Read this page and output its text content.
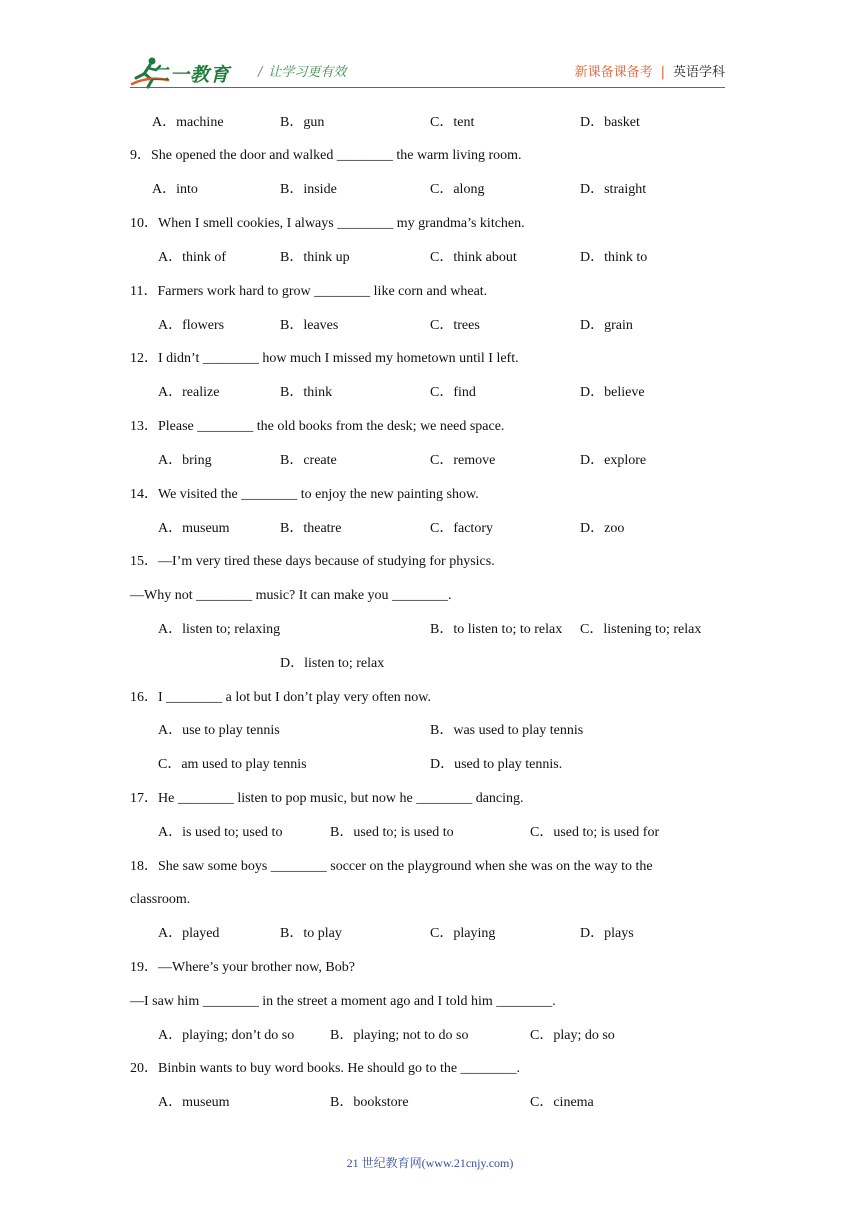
二一教育 / 让学习更有效	新课备课备考 | 英语学科
A．machine	B．gun	C．tent	D．basket
9．She opened the door and walked ________ the warm living room.
A．into	B．inside	C．along	D．straight
10．When I smell cookies, I always ________ my grandma’s kitchen.
A．think of	B．think up	C．think about	D．think to
11．Farmers work hard to grow ________ like corn and wheat.
A．flowers	B．leaves	C．trees	D．grain
12．I didn’t ________ how much I missed my hometown until I left.
A．realize	B．think	C．find	D．believe
13．Please ________ the old books from the desk; we need space.
A．bring	B．create	C．remove	D．explore
14．We visited the ________ to enjoy the new painting show.
A．museum	B．theatre	C．factory	D．zoo
15．—I’m very tired these days because of studying for physics.
—Why not ________ music? It can make you ________.
A．listen to; relaxing	B．to listen to; to relax C．listening to; relax
D．listen to; relax
16．I ________ a lot but I don’t play very often now.
A．use to play tennis	B．was used to play tennis
C．am used to play tennis	D．used to play tennis.
17．He ________ listen to pop music, but now he ________ dancing.
A．is used to; used to	B．used to; is used to	C．used to; is used for
18．She saw some boys ________ soccer on the playground when she was on the way to the
classroom.
A．played	B．to play	C．playing	D．plays
19．—Where’s your brother now, Bob?
—I saw him ________ in the street a moment ago and I told him ________.
A．playing; don’t do so	B．playing; not to do so	C．play; do so
20．Binbin wants to buy word books. He should go to the ________.
A．museum	B．bookstore	C．cinema
21 世纪教育网(www.21cnjy.com)
